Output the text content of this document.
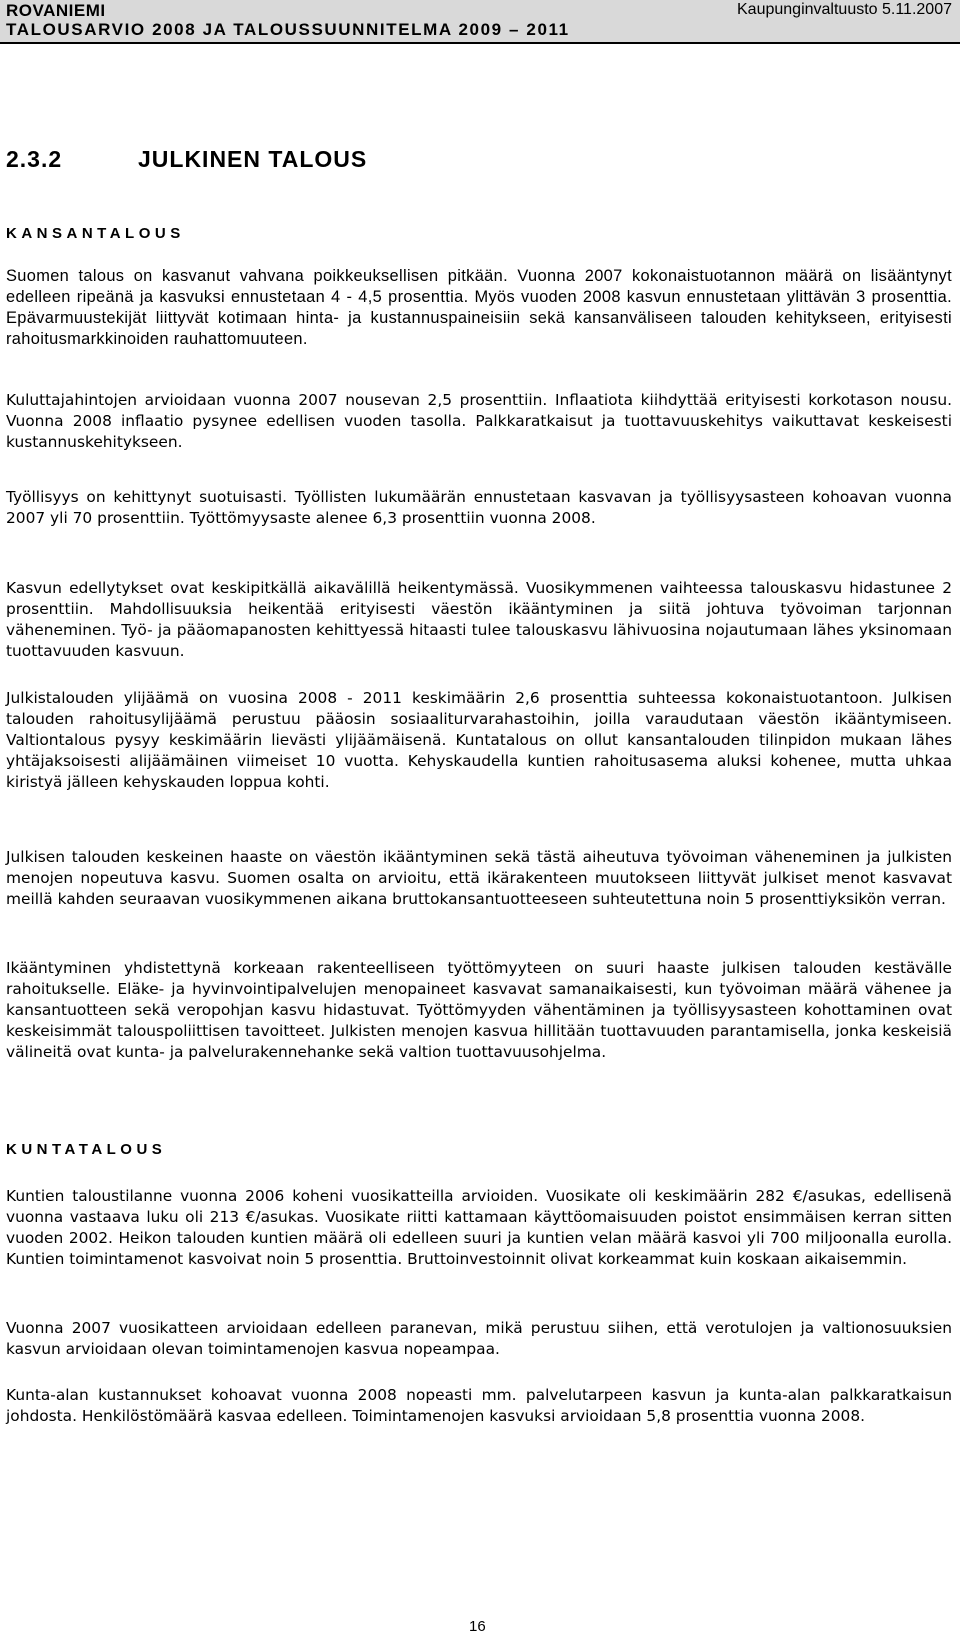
ROVANIEMI
TALOUSARVIO 2008 JA TALOUSSUUNNITELMA 2009 – 2011
Kaupunginvaltuusto 5.11.2007
2.3.2	JULKINEN TALOUS
KANSANTALOUS

Suomen talous on kasvanut vahvana poikkeuksellisen pitkään. Vuonna 2007 kokonaistuotannon määrä on lisääntynyt edelleen ripeänä ja kasvuksi ennustetaan 4 - 4,5 prosenttia. Myös vuoden 2008 kasvun ennustetaan ylittävän 3 prosenttia. Epävarmuustekijät liittyvät kotimaan hinta- ja kustannuspaineisiin sekä kansanväliseen talouden kehitykseen, erityisesti rahoitusmarkkinoiden rauhattomuuteen.

Kuluttajahintojen arvioidaan vuonna 2007 nousevan 2,5 prosenttiin. Inflaatiota kiihdyttää erityisesti korkotason nousu. Vuonna 2008 inflaatio pysynee edellisen vuoden tasolla. Palkkaratkaisut ja tuottavuuskehitys vaikuttavat keskeisesti kustannuskehitykseen.

Työllisyys on kehittynyt suotuisasti. Työllisten lukumäärän ennustetaan kasvavan ja työllisyysasteen kohoavan vuonna 2007 yli 70 prosenttiin. Työttömyysaste alenee 6,3 prosenttiin vuonna 2008.

Kasvun edellytykset ovat keskipitkällä aikavälillä heikentymässä. Vuosikymmenen vaihteessa talouskasvu hidastunee 2 prosenttiin. Mahdollisuuksia heikentää erityisesti väestön ikääntyminen ja siitä johtuva työvoiman tarjonnan väheneminen. Työ- ja pääomapanosten kehittyessä hitaasti tulee talouskasvu lähivuosina nojautumaan lähes yksinomaan tuottavuuden kasvuun.

Julkistalouden ylijäämä on vuosina 2008 - 2011 keskimäärin 2,6 prosenttia suhteessa kokonaistuotantoon. Julkisen talouden rahoitusylijäämä perustuu pääosin sosiaaliturvarahastoihin, joilla varaudutaan väestön ikääntymiseen. Valtiontalous pysyy keskimäärin lievästi ylijäämäisenä. Kuntatalous on ollut kansantalouden tilinpidon mukaan lähes yhtäjaksoisesti alijäämäinen viimeiset 10 vuotta. Kehyskaudella kuntien rahoitusasema aluksi kohenee, mutta uhkaa kiristyä jälleen kehyskauden loppua kohti.

Julkisen talouden keskeinen haaste on väestön ikääntyminen sekä tästä aiheutuva työvoiman väheneminen ja julkisten menojen nopeutuva kasvu. Suomen osalta on arvioitu, että ikärakenteen muutokseen liittyvät julkiset menot kasvavat meillä kahden seuraavan vuosikymmenen aikana bruttokansantuotteeseen suhteutettuna noin 5 prosenttiyksikön verran.

Ikääntyminen yhdistettynä korkeaan rakenteelliseen työttömyyteen on suuri haaste julkisen talouden kestävälle rahoitukselle. Eläke- ja hyvinvointipalvelujen menopaineet kasvavat samanaikaisesti, kun työvoiman määrä vähenee ja kansantuotteen sekä veropohjan kasvu hidastuvat. Työttömyyden vähentäminen ja työllisyysasteen kohottaminen ovat keskeisimmät talouspoliittisen tavoitteet. Julkisten menojen kasvua hillitään tuottavuuden parantamisella, jonka keskeisiä välineitä ovat kunta- ja palvelurakennehanke sekä valtion tuottavuusohjelma.

KUNTATALOUS

Kuntien taloustilanne vuonna 2006 koheni vuosikatteilla arvioiden. Vuosikate oli keskimäärin 282 €/asukas, edellisenä vuonna vastaava luku oli 213 €/asukas. Vuosikate riitti kattamaan käyttöomaisuuden poistot ensimmäisen kerran sitten vuoden 2002. Heikon talouden kuntien määrä oli edelleen suuri ja kuntien velan määrä kasvoi yli 700 miljoonalla eurolla. Kuntien toimintamenot kasvoivat noin 5 prosenttia. Bruttoinvestoinnit olivat korkeammat kuin koskaan aikaisemmin.

Vuonna 2007 vuosikatteen arvioidaan edelleen paranevan, mikä perustuu siihen, että verotulojen ja valtionosuuksien kasvun arvioidaan olevan toimintamenojen kasvua nopeampaa.

Kunta-alan kustannukset kohoavat vuonna 2008 nopeasti mm. palvelutarpeen kasvun ja kunta-alan palkkaratkaisun johdosta. Henkilöstömäärä kasvaa edelleen. Toimintamenojen kasvuksi arvioidaan 5,8 prosenttia vuonna 2008.

16
